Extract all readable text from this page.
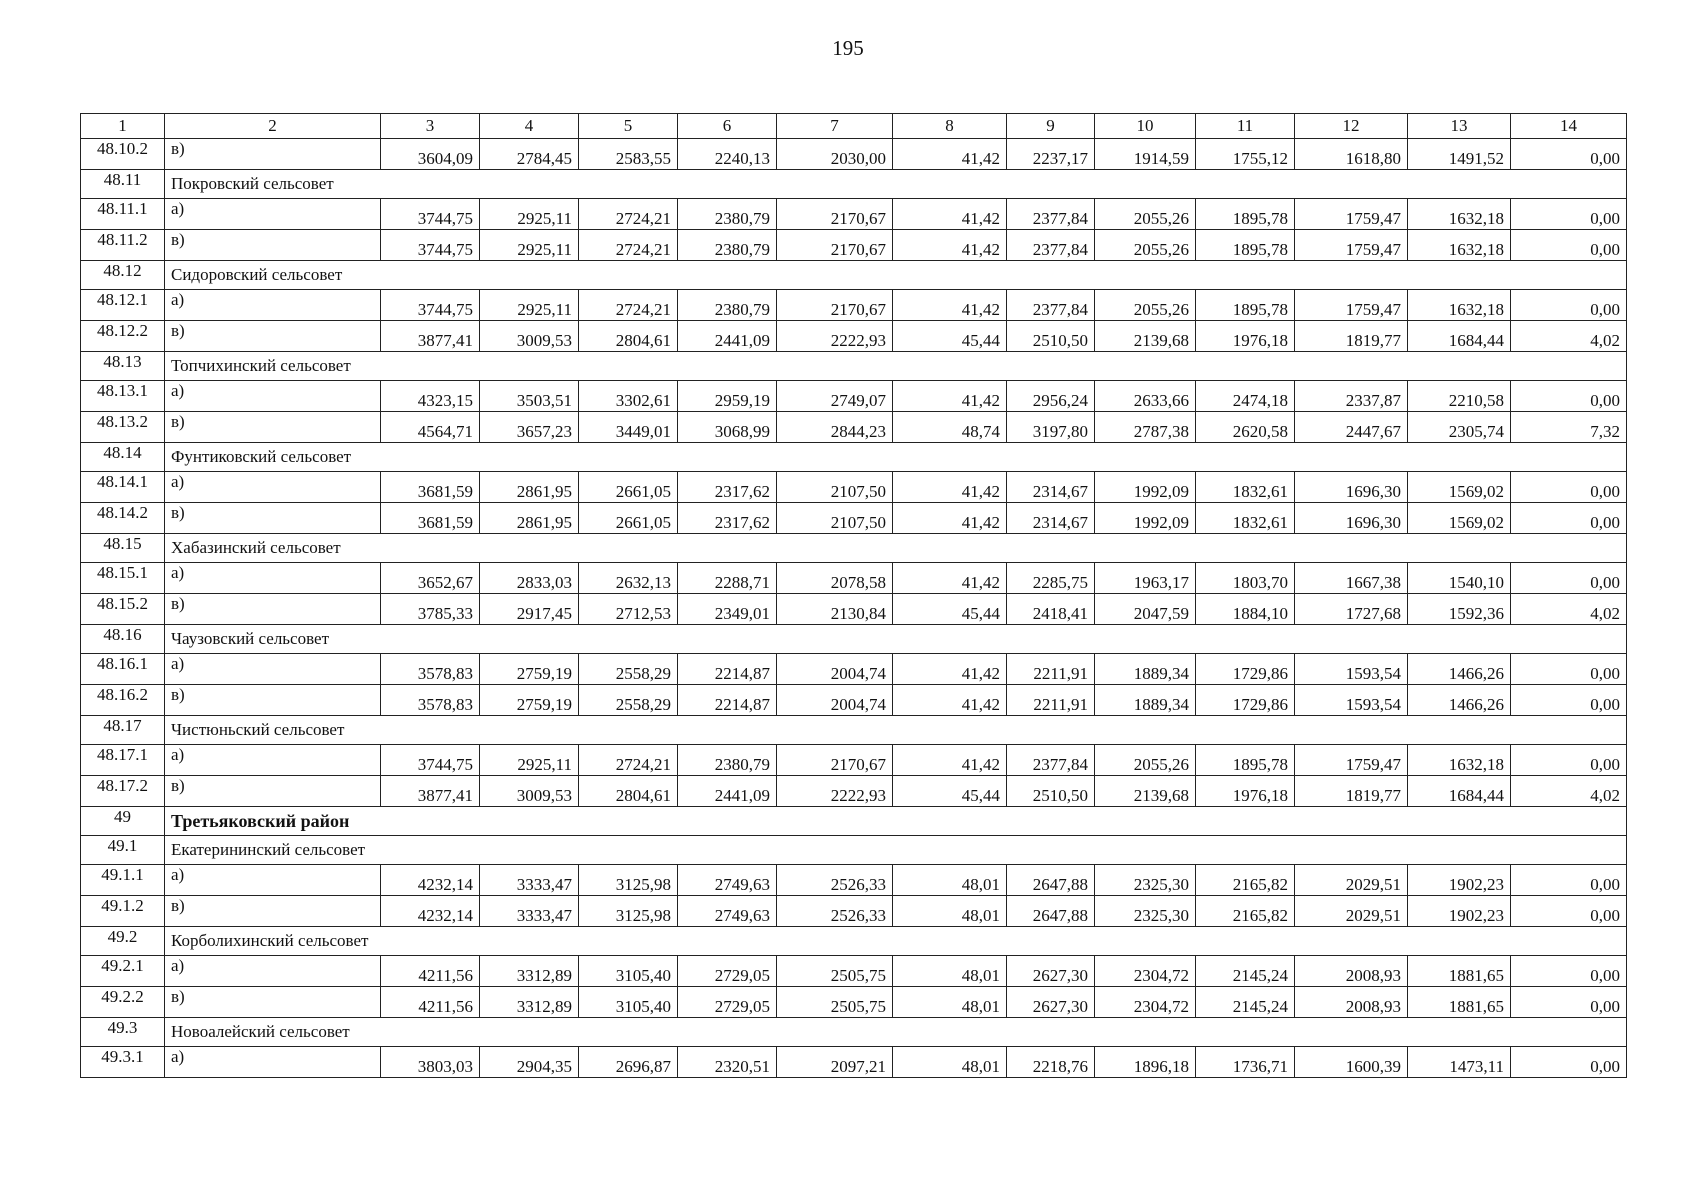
195
1	2	3	4	5	6	7	8	9	10	11	12	13	14
48.10.2	в)	3604,09	2784,45	2583,55	2240,13	2030,00	41,42	2237,17	1914,59	1755,12	1618,80	1491,52	0,00
48.11	Покровский сельсовет												
48.11.1	а)	3744,75	2925,11	2724,21	2380,79	2170,67	41,42	2377,84	2055,26	1895,78	1759,47	1632,18	0,00
48.11.2	в)	3744,75	2925,11	2724,21	2380,79	2170,67	41,42	2377,84	2055,26	1895,78	1759,47	1632,18	0,00
48.12	Сидоровский сельсовет												
48.12.1	а)	3744,75	2925,11	2724,21	2380,79	2170,67	41,42	2377,84	2055,26	1895,78	1759,47	1632,18	0,00
48.12.2	в)	3877,41	3009,53	2804,61	2441,09	2222,93	45,44	2510,50	2139,68	1976,18	1819,77	1684,44	4,02
48.13	Топчихинский сельсовет												
48.13.1	а)	4323,15	3503,51	3302,61	2959,19	2749,07	41,42	2956,24	2633,66	2474,18	2337,87	2210,58	0,00
48.13.2	в)	4564,71	3657,23	3449,01	3068,99	2844,23	48,74	3197,80	2787,38	2620,58	2447,67	2305,74	7,32
48.14	Фунтиковский сельсовет												
48.14.1	а)	3681,59	2861,95	2661,05	2317,62	2107,50	41,42	2314,67	1992,09	1832,61	1696,30	1569,02	0,00
48.14.2	в)	3681,59	2861,95	2661,05	2317,62	2107,50	41,42	2314,67	1992,09	1832,61	1696,30	1569,02	0,00
48.15	Хабазинский сельсовет												
48.15.1	а)	3652,67	2833,03	2632,13	2288,71	2078,58	41,42	2285,75	1963,17	1803,70	1667,38	1540,10	0,00
48.15.2	в)	3785,33	2917,45	2712,53	2349,01	2130,84	45,44	2418,41	2047,59	1884,10	1727,68	1592,36	4,02
48.16	Чаузовский сельсовет												
48.16.1	а)	3578,83	2759,19	2558,29	2214,87	2004,74	41,42	2211,91	1889,34	1729,86	1593,54	1466,26	0,00
48.16.2	в)	3578,83	2759,19	2558,29	2214,87	2004,74	41,42	2211,91	1889,34	1729,86	1593,54	1466,26	0,00
48.17	Чистюньский сельсовет												
48.17.1	а)	3744,75	2925,11	2724,21	2380,79	2170,67	41,42	2377,84	2055,26	1895,78	1759,47	1632,18	0,00
48.17.2	в)	3877,41	3009,53	2804,61	2441,09	2222,93	45,44	2510,50	2139,68	1976,18	1819,77	1684,44	4,02
49	Третьяковский район												
49.1	Екатерининский сельсовет												
49.1.1	а)	4232,14	3333,47	3125,98	2749,63	2526,33	48,01	2647,88	2325,30	2165,82	2029,51	1902,23	0,00
49.1.2	в)	4232,14	3333,47	3125,98	2749,63	2526,33	48,01	2647,88	2325,30	2165,82	2029,51	1902,23	0,00
49.2	Корболихинский сельсовет												
49.2.1	а)	4211,56	3312,89	3105,40	2729,05	2505,75	48,01	2627,30	2304,72	2145,24	2008,93	1881,65	0,00
49.2.2	в)	4211,56	3312,89	3105,40	2729,05	2505,75	48,01	2627,30	2304,72	2145,24	2008,93	1881,65	0,00
49.3	Новоалейский сельсовет												
49.3.1	а)	3803,03	2904,35	2696,87	2320,51	2097,21	48,01	2218,76	1896,18	1736,71	1600,39	1473,11	0,00
